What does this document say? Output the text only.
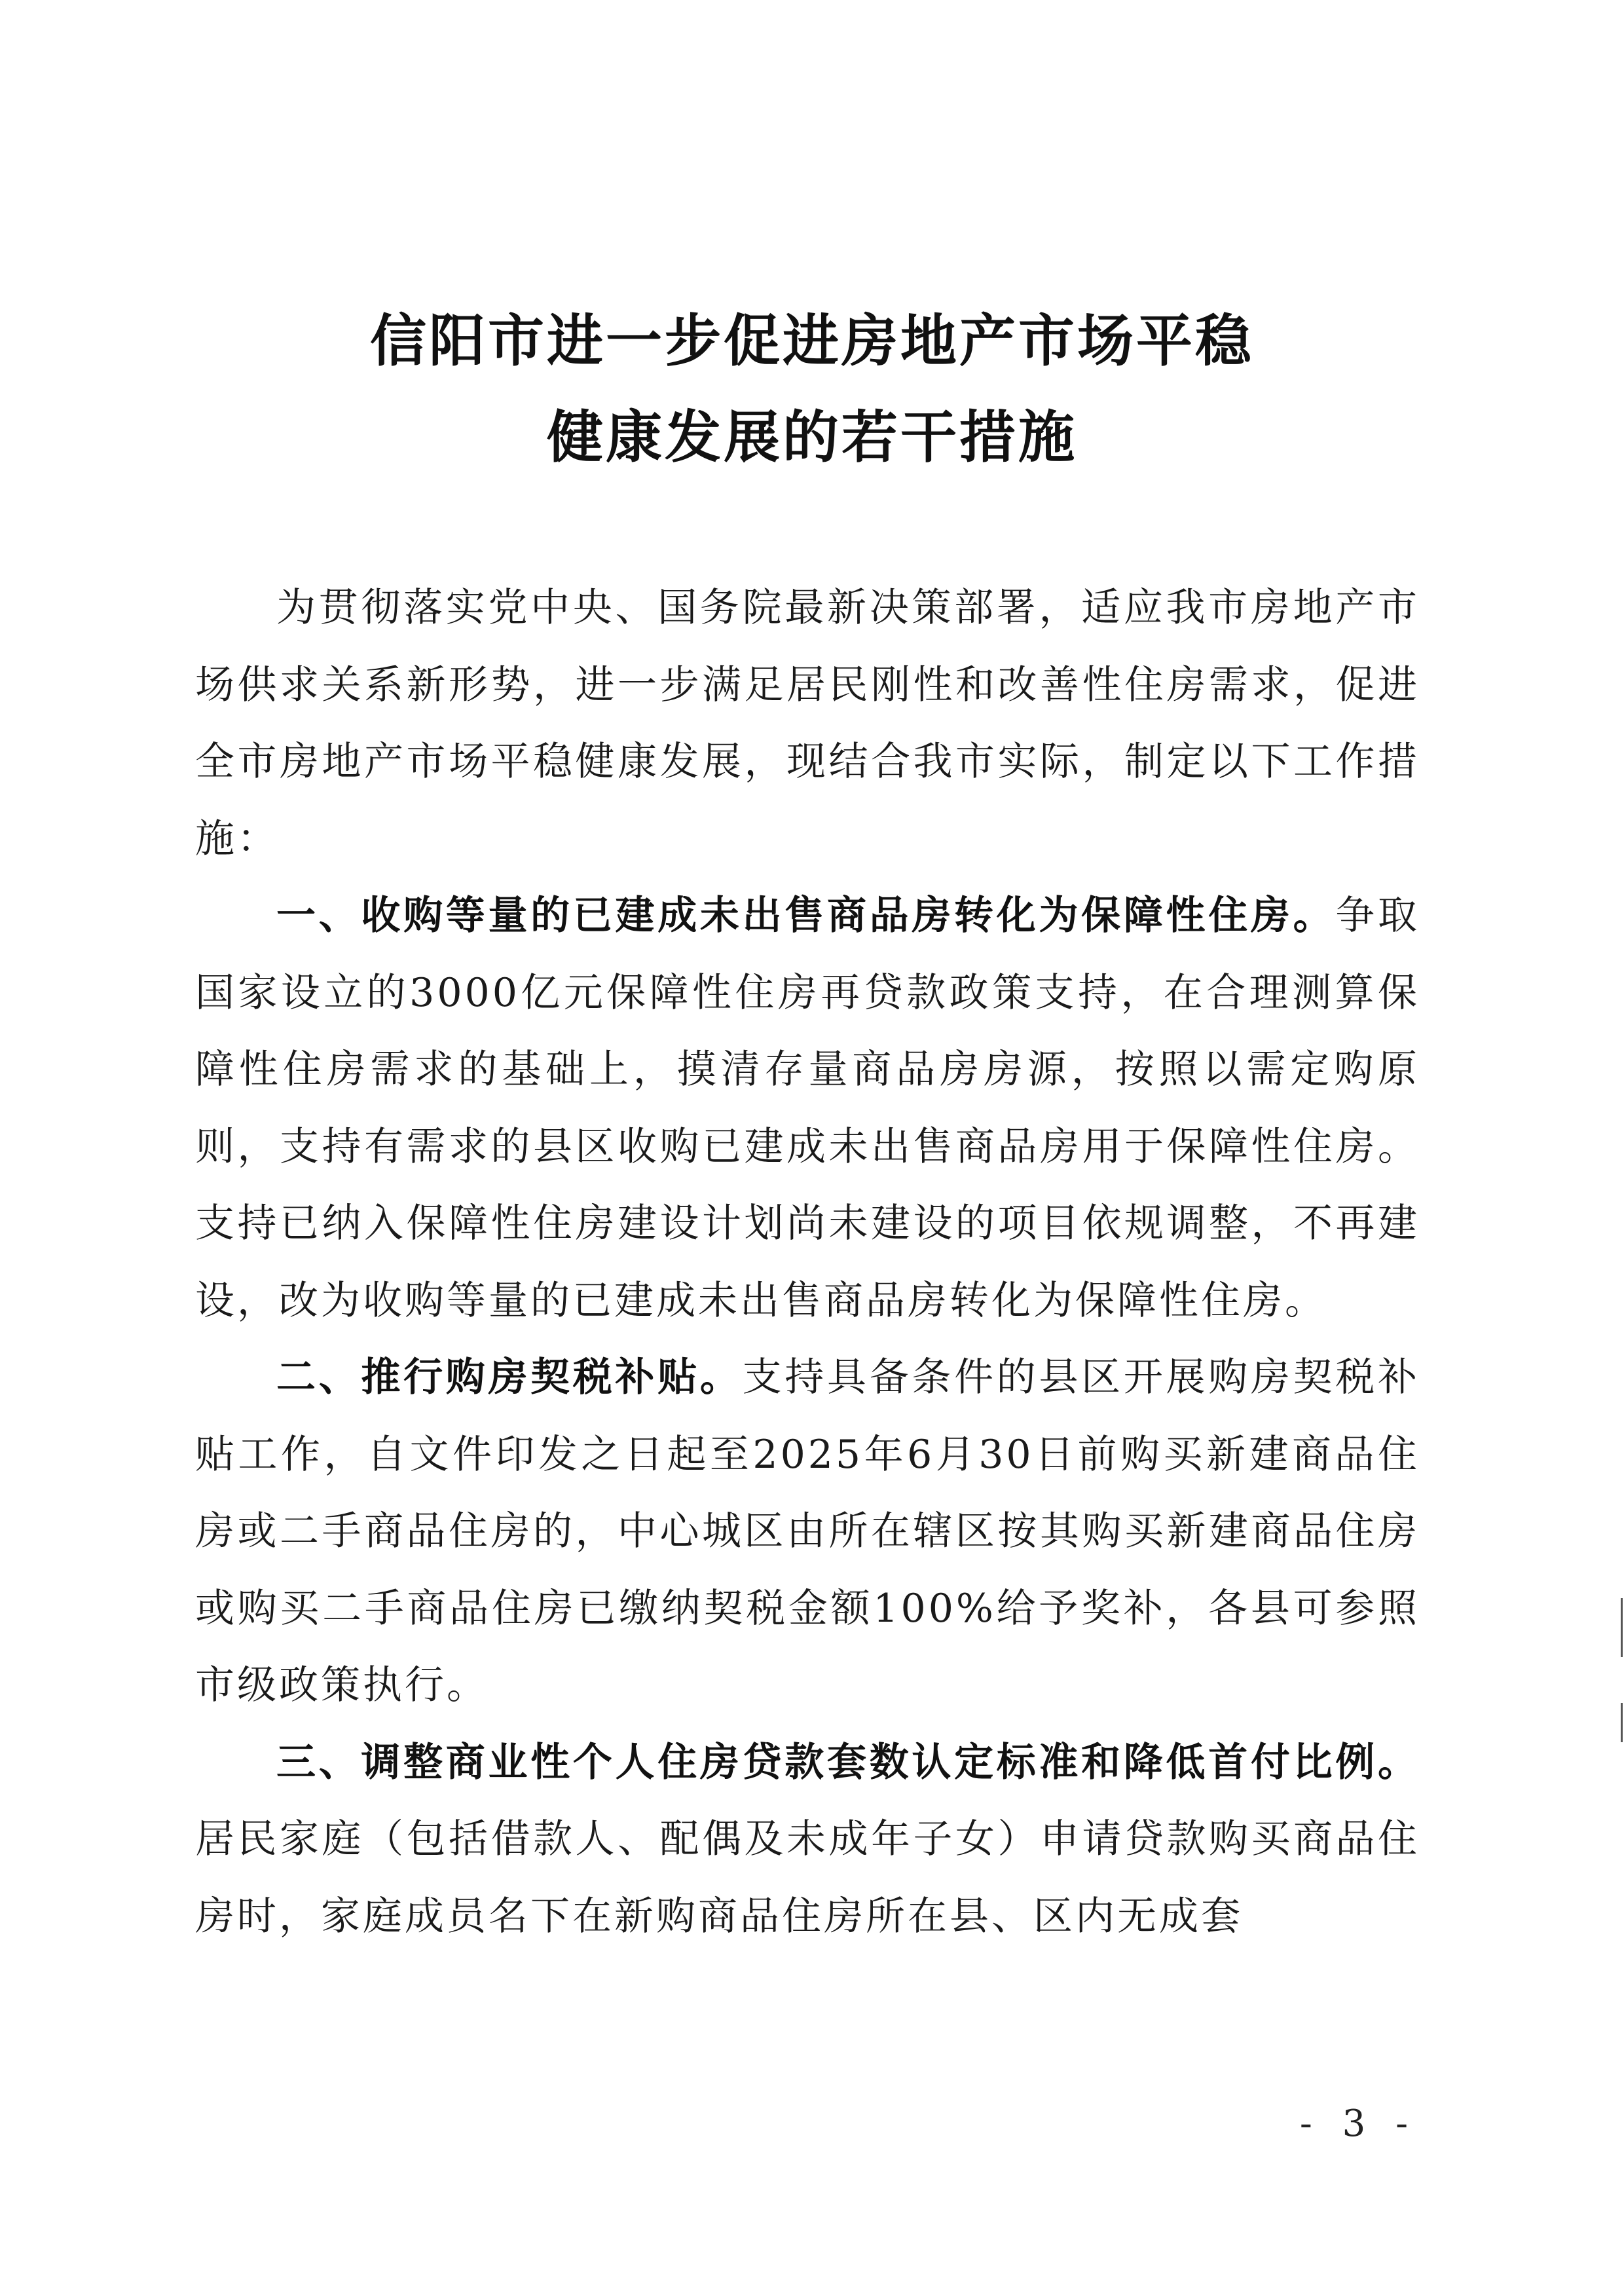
信阳市进一步促进房地产市场平稳
健康发展的若干措施

为贯彻落实党中央、国务院最新决策部署，适应我市房地产市场供求关系新形势，进一步满足居民刚性和改善性住房需求，促进全市房地产市场平稳健康发展，现结合我市实际，制定以下工作措施：

一、收购等量的已建成未出售商品房转化为保障性住房。争取国家设立的3000亿元保障性住房再贷款政策支持，在合理测算保障性住房需求的基础上，摸清存量商品房房源，按照以需定购原则，支持有需求的县区收购已建成未出售商品房用于保障性住房。支持已纳入保障性住房建设计划尚未建设的项目依规调整，不再建设，改为收购等量的已建成未出售商品房转化为保障性住房。

二、推行购房契税补贴。支持具备条件的县区开展购房契税补贴工作，自文件印发之日起至2025年6月30日前购买新建商品住房或二手商品住房的，中心城区由所在辖区按其购买新建商品住房或购买二手商品住房已缴纳契税金额100%给予奖补，各县可参照市级政策执行。

三、调整商业性个人住房贷款套数认定标准和降低首付比例。居民家庭（包括借款人、配偶及未成年子女）申请贷款购买商品住房时，家庭成员名下在新购商品住房所在县、区内无成套

- 3 -
